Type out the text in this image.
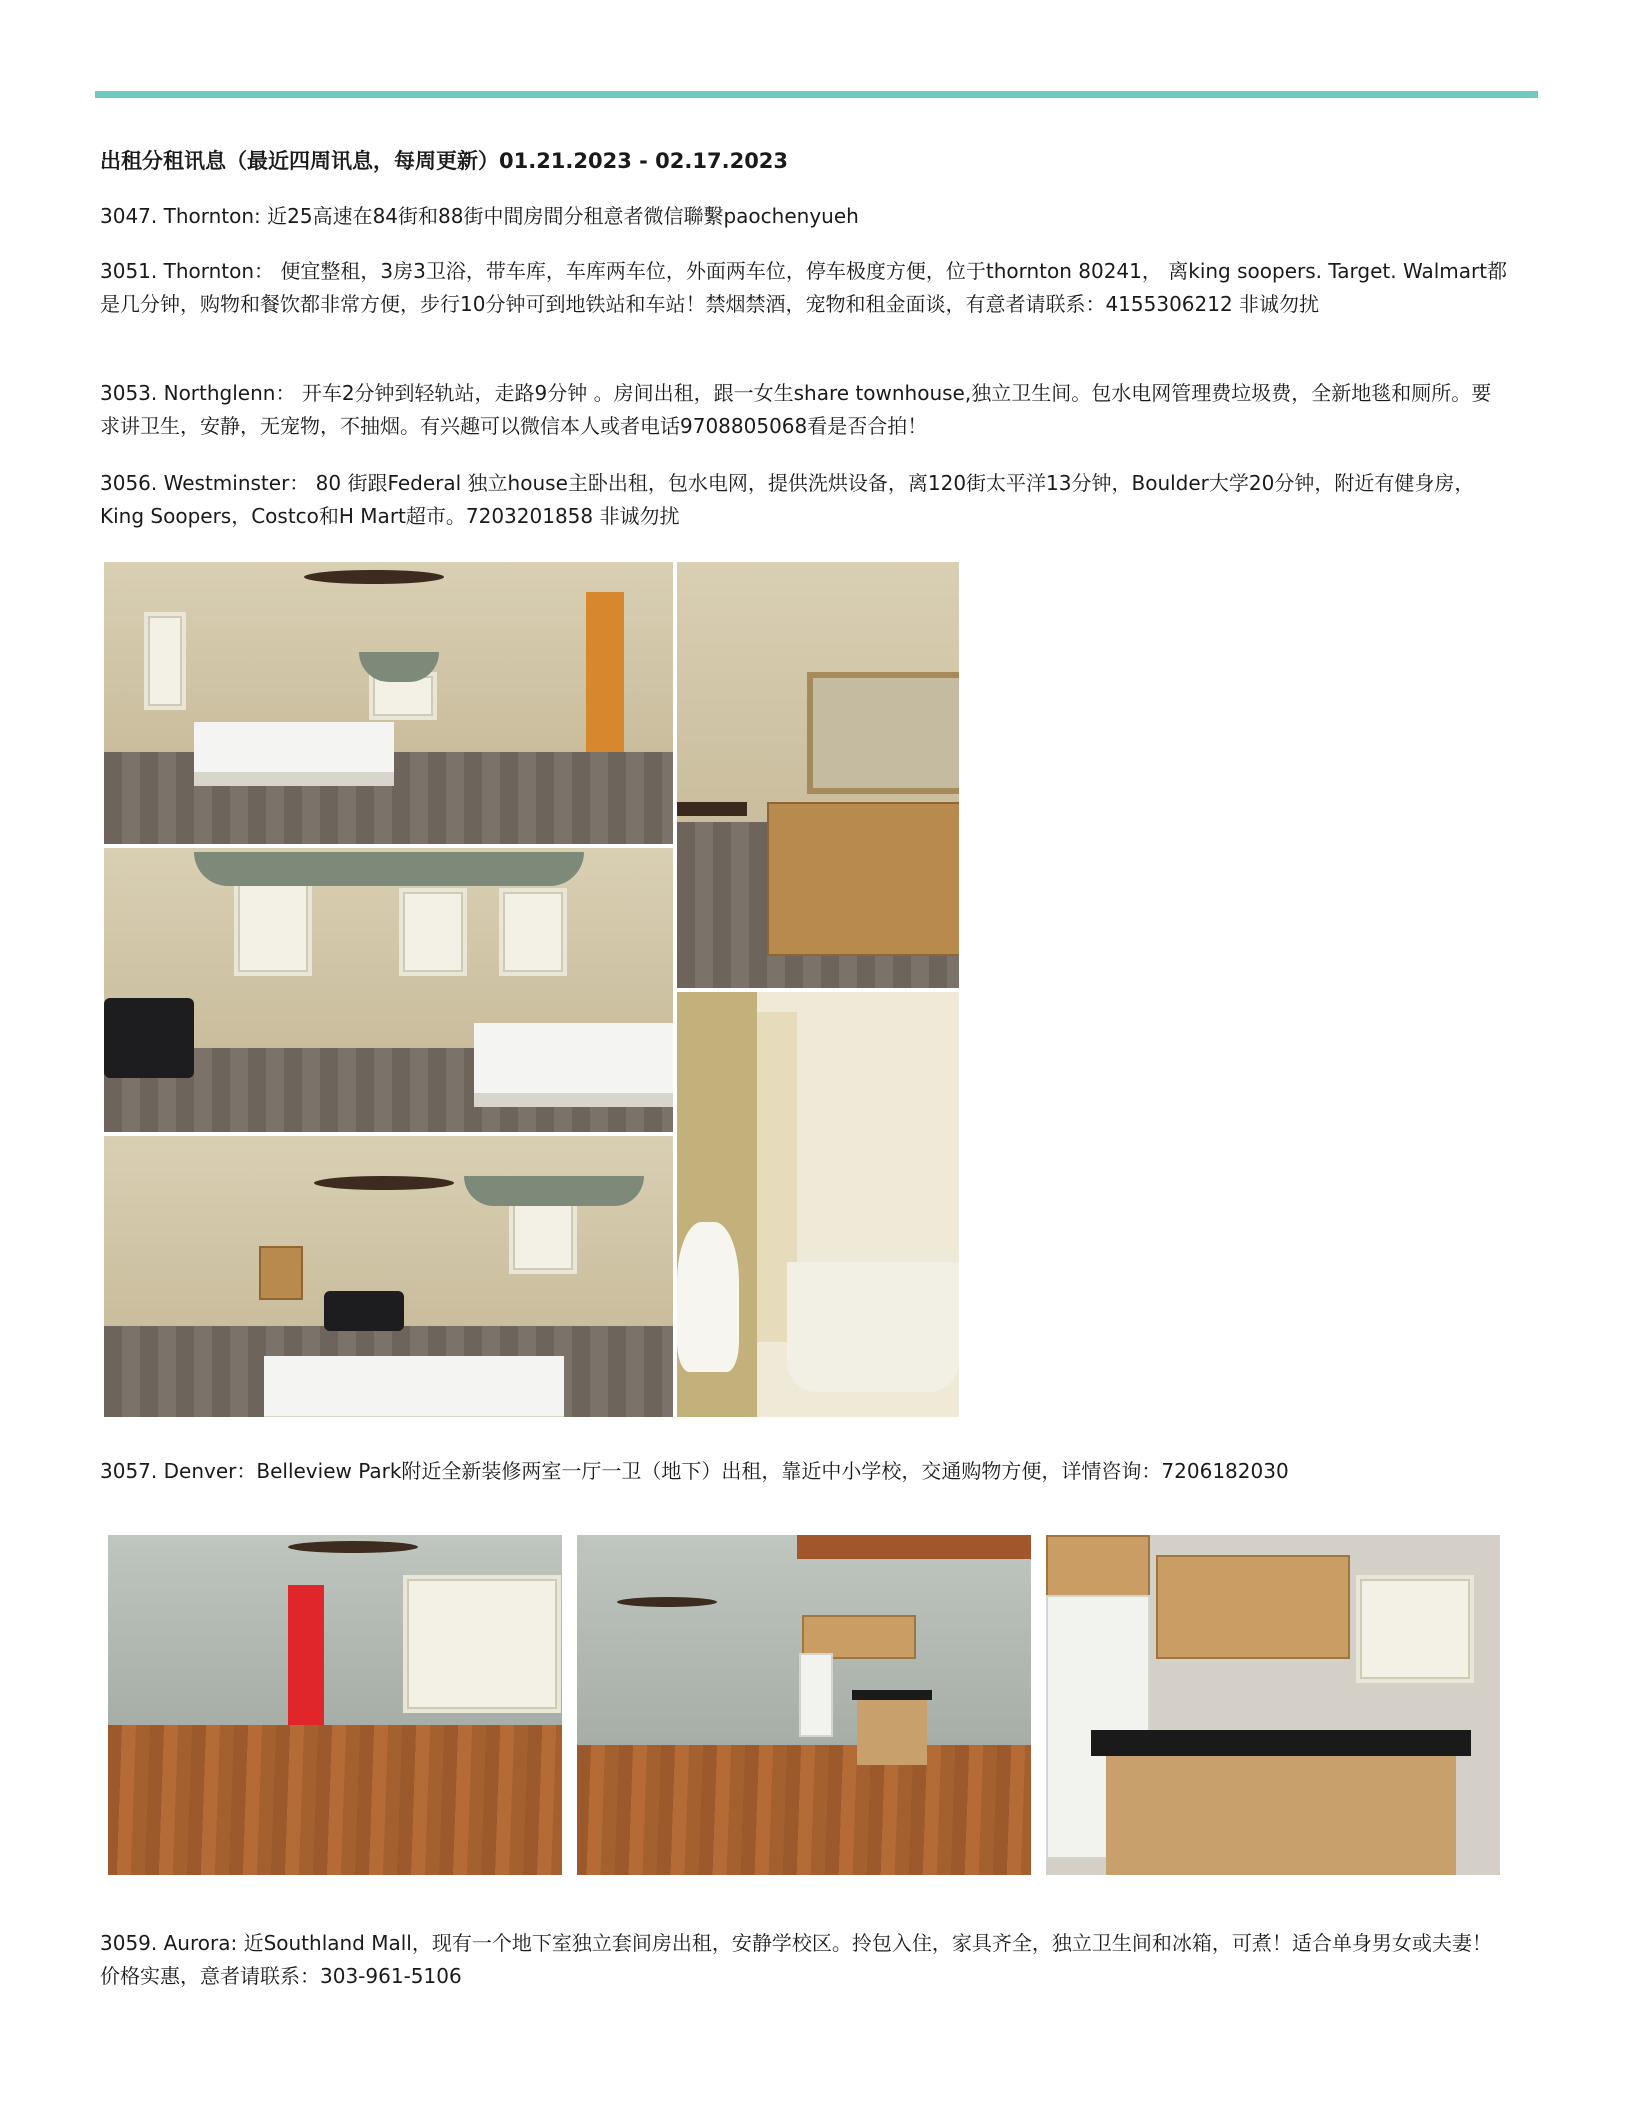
出租分租讯息（最近四周讯息，每周更新）01.21.2023 - 02.17.2023

3047. Thornton: 近25高速在84街和88街中間房間分租意者微信聯繫paochenyueh

3051. Thornton： 便宜整租，3房3卫浴，带车库，车库两车位，外面两车位，停车极度方便，位于thornton 80241， 离king soopers. Target. Walmart都是几分钟，购物和餐饮都非常方便，步行10分钟可到地铁站和车站！禁烟禁酒，宠物和租金面谈，有意者请联系：4155306212 非诚勿扰

3053. Northglenn： 开车2分钟到轻轨站，走路9分钟 。房间出租，跟一女生share townhouse,独立卫生间。包水电网管理费垃圾费，全新地毯和厕所。要求讲卫生，安静，无宠物，不抽烟。有兴趣可以微信本人或者电话9708805068看是否合拍！

3056. Westminster： 80 街跟Federal 独立house主卧出租，包水电网，提供洗烘设备，离120街太平洋13分钟，Boulder大学20分钟，附近有健身房，King Soopers，Costco和H Mart超市。7203201858 非诚勿扰

3057. Denver：Belleview Park附近全新装修两室一厅一卫（地下）出租，靠近中小学校，交通购物方便，详情咨询：7206182030

3059. Aurora: 近Southland Mall，现有一个地下室独立套间房出租，安静学校区。拎包入住，家具齐全，独立卫生间和冰箱，可煮！适合单身男女或夫妻！价格实惠，意者请联系：303-961-5106
